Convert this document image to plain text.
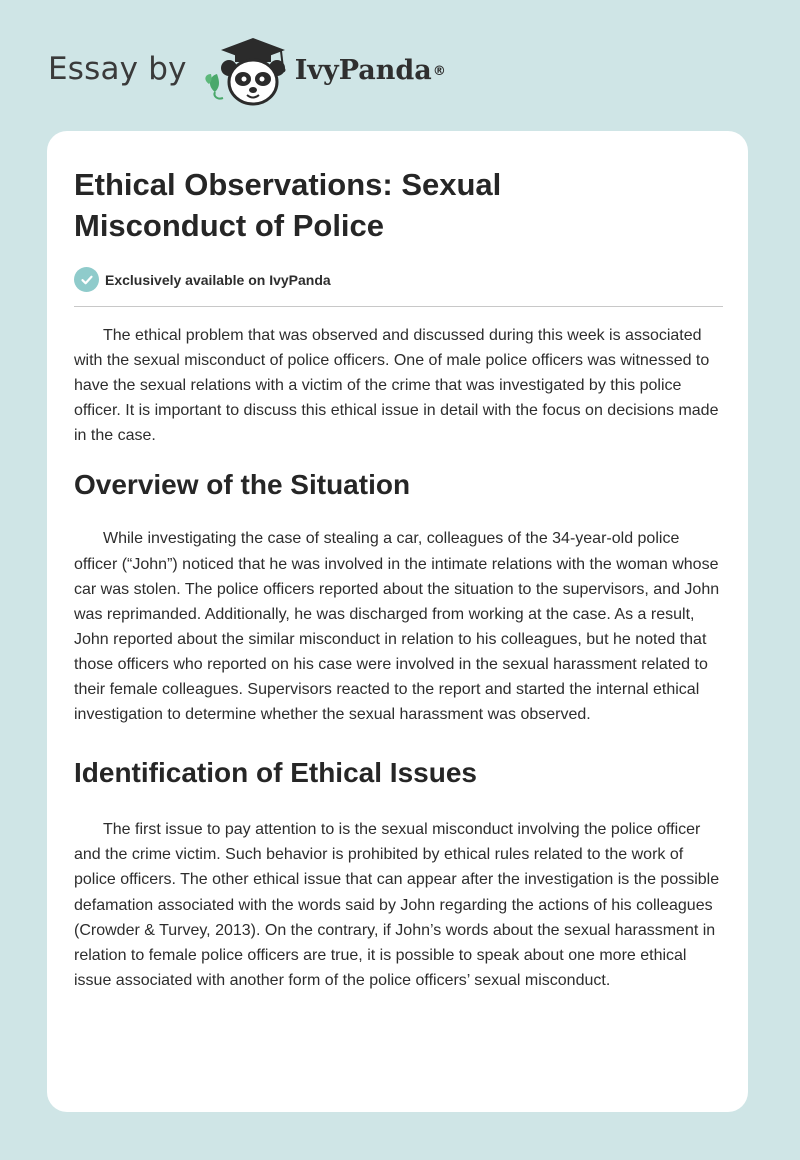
Essay by	IvyPanda ®
Ethical Observations: Sexual Misconduct of Police
Exclusively available on IvyPanda

The ethical problem that was observed and discussed during this week is associated with the sexual misconduct of police officers. One of male police officers was witnessed to have the sexual relations with a victim of the crime that was investigated by this police officer. It is important to discuss this ethical issue in detail with the focus on decisions made in the case.

Overview of the Situation

While investigating the case of stealing a car, colleagues of the 34-year-old police officer (“John”) noticed that he was involved in the intimate relations with the woman whose car was stolen. The police officers reported about the situation to the supervisors, and John was reprimanded. Additionally, he was discharged from working at the case. As a result, John reported about the similar misconduct in relation to his colleagues, but he noted that those officers who reported on his case were involved in the sexual harassment related to their female colleagues. Supervisors reacted to the report and started the internal ethical investigation to determine whether the sexual harassment was observed.

Identification of Ethical Issues

The first issue to pay attention to is the sexual misconduct involving the police officer and the crime victim. Such behavior is prohibited by ethical rules related to the work of police officers. The other ethical issue that can appear after the investigation is the possible defamation associated with the words said by John regarding the actions of his colleagues (Crowder & Turvey, 2013). On the contrary, if John’s words about the sexual harassment in relation to female police officers are true, it is possible to speak about one more ethical issue associated with another form of the police officers’ sexual misconduct.
